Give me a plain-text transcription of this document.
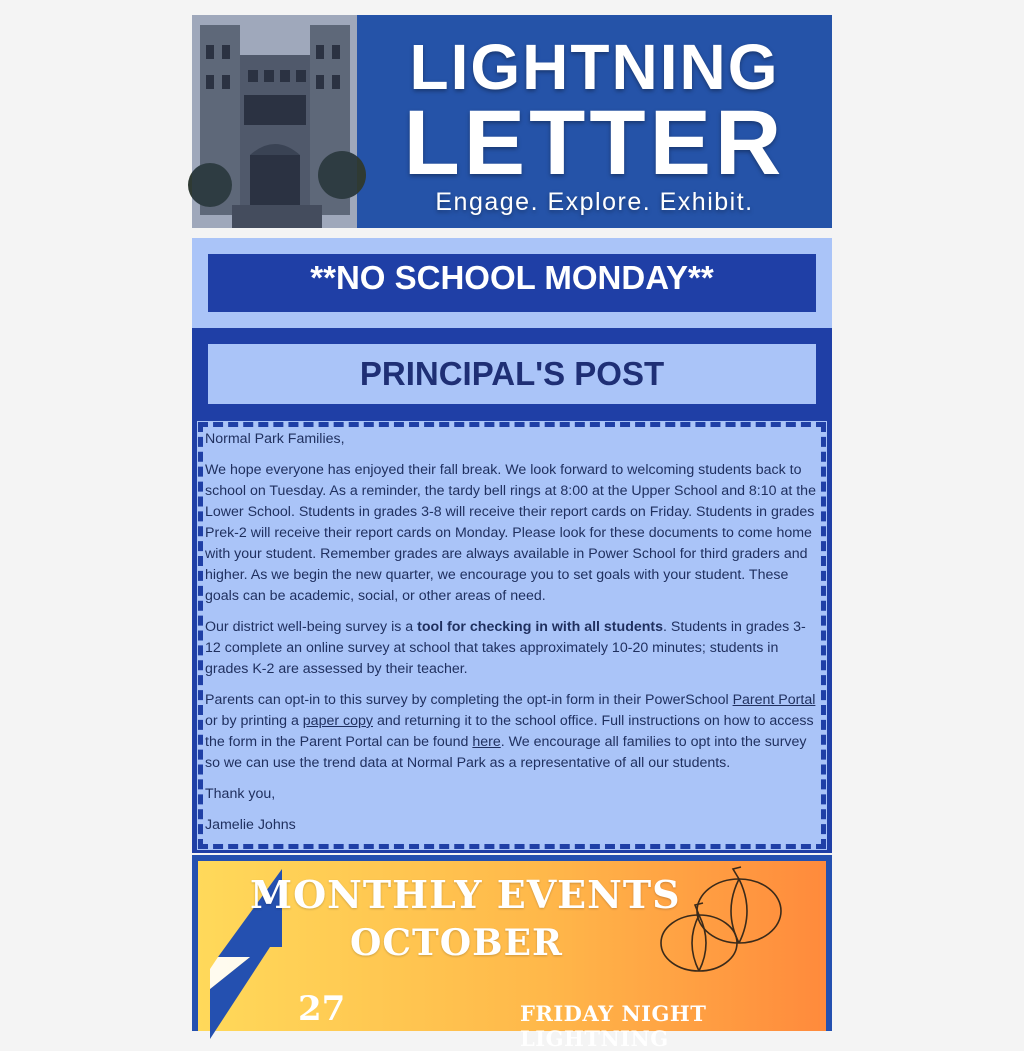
LIGHTNING
LETTER
Engage. Explore. Exhibit.
**NO SCHOOL MONDAY**
PRINCIPAL'S POST

Normal Park Families,

We hope everyone has enjoyed their fall break. We look forward to welcoming students back to school on Tuesday. As a reminder, the tardy bell rings at 8:00 at the Upper School and 8:10 at the Lower School. Students in grades 3-8 will receive their report cards on Friday. Students in grades Prek-2 will receive their report cards on Monday. Please look for these documents to come home with your student. Remember grades are always available in Power School for third graders and higher. As we begin the new quarter, we encourage you to set goals with your student. These goals can be academic, social, or other areas of need.

Our district well-being survey is a tool for checking in with all students. Students in grades 3-12 complete an online survey at school that takes approximately 10-20 minutes; students in grades K-2 are assessed by their teacher.

Parents can opt-in to this survey by completing the opt-in form in their PowerSchool Parent Portal or by printing a paper copy and returning it to the school office. Full instructions on how to access the form in the Parent Portal can be found here. We encourage all families to opt into the survey so we can use the trend data at Normal Park as a representative of all our students.

Thank you,

Jamelie Johns

MONTHLY EVENTS
OCTOBER
27	FRIDAY NIGHT LIGHTNING
